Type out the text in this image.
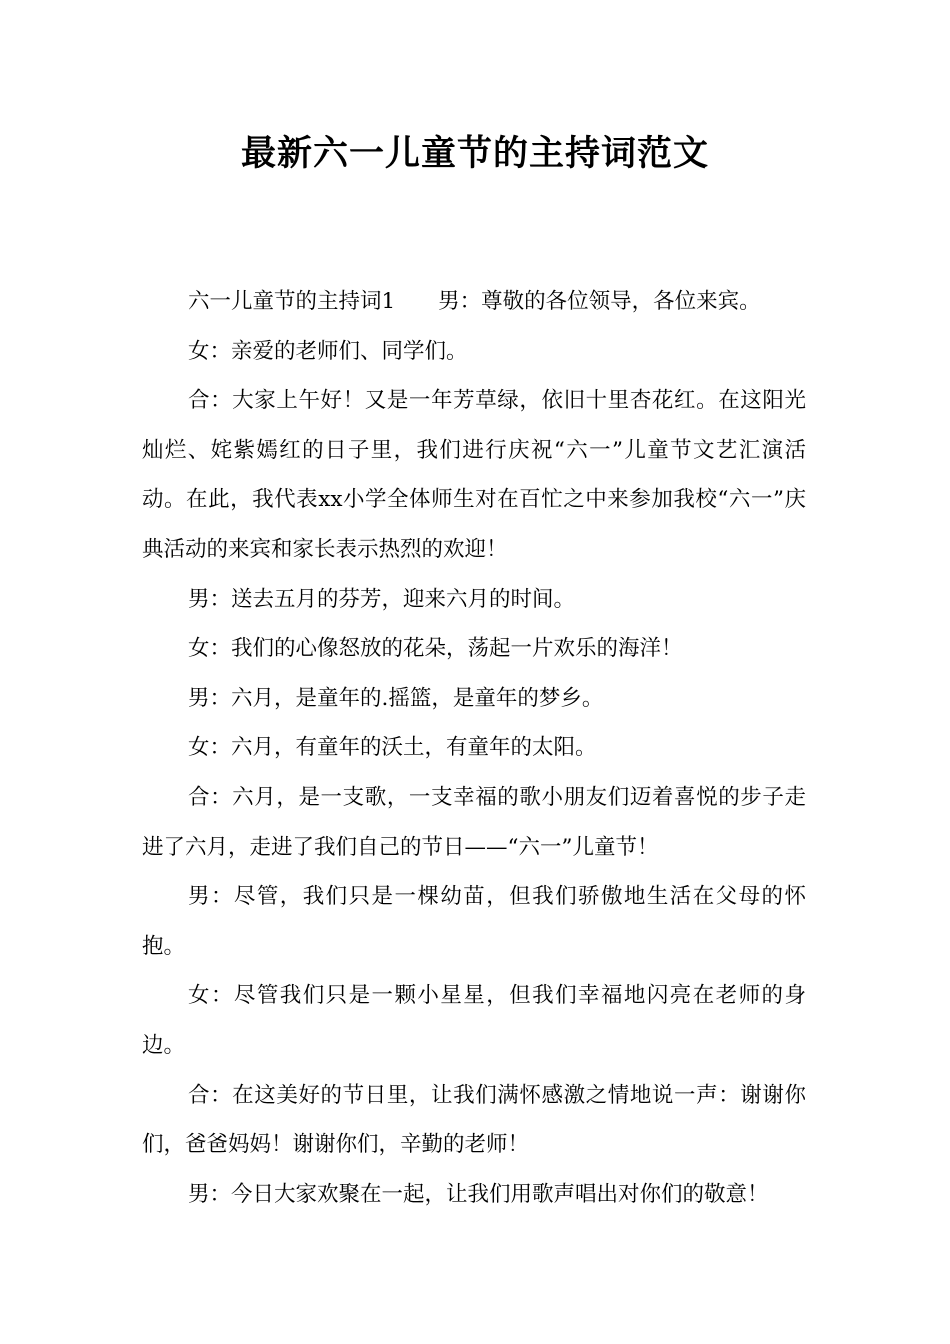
最新六一儿童节的主持词范文

六一儿童节的主持词1　　男：尊敬的各位领导，各位来宾。

女：亲爱的老师们、同学们。

合：大家上午好！又是一年芳草绿，依旧十里杏花红。在这阳光灿烂、姹紫嫣红的日子里，我们进行庆祝“六一”儿童节文艺汇演活动。在此，我代表xx小学全体师生对在百忙之中来参加我校“六一”庆典活动的来宾和家长表示热烈的欢迎！

男：送去五月的芬芳，迎来六月的时间。

女：我们的心像怒放的花朵，荡起一片欢乐的海洋！

男：六月，是童年的.摇篮，是童年的梦乡。

女：六月，有童年的沃土，有童年的太阳。

合：六月，是一支歌，一支幸福的歌小朋友们迈着喜悦的步子走进了六月，走进了我们自己的节日——“六一”儿童节！

男：尽管，我们只是一棵幼苗，但我们骄傲地生活在父母的怀抱。

女：尽管我们只是一颗小星星，但我们幸福地闪亮在老师的身边。

合：在这美好的节日里，让我们满怀感激之情地说一声：谢谢你们，爸爸妈妈！谢谢你们，辛勤的老师！

男：今日大家欢聚在一起，让我们用歌声唱出对你们的敬意！
